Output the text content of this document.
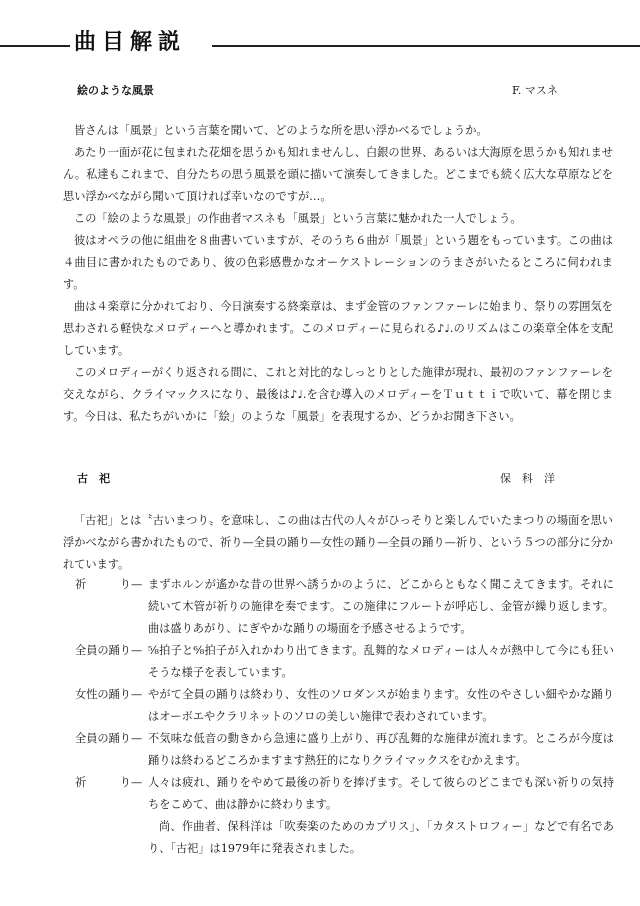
曲目解説
絵のような風景	F. マスネ

皆さんは「風景」という言葉を聞いて、どのような所を思い浮かべるでしょうか。

あたり一面が花に包まれた花畑を思うかも知れませんし、白銀の世界、あるいは大海原を思うかも知れません。私達もこれまで、自分たちの思う風景を頭に描いて演奏してきました。どこまでも続く広大な草原などを思い浮かべながら聞いて頂ければ幸いなのですが…。

この「絵のような風景」の作曲者マスネも「風景」という言葉に魅かれた一人でしょう。

彼はオペラの他に組曲を８曲書いていますが、そのうち６曲が「風景」という題をもっています。この曲は４曲目に書かれたものであり、彼の色彩感豊かなオーケストレーションのうまさがいたるところに伺われます。

曲は４楽章に分かれており、今日演奏する終楽章は、まず金管のファンファーレに始まり、祭りの雰囲気を思わされる軽快なメロディーへと導かれます。このメロディーに見られる♪♩.のリズムはこの楽章全体を支配しています。

このメロディーがくり返される間に、これと対比的なしっとりとした施律が現れ、最初のファンファーレを交えながら、クライマックスになり、最後は♪♩.を含む導入のメロディーをＴｕｔｔｉで吹いて、幕を閉じます。今日は、私たちがいかに「絵」のような「風景」を表現するか、どうかお聞き下さい。

古　祀	保　科　洋

「古祀」とは〝古いまつり〟を意味し、この曲は古代の人々がひっそりと楽しんでいたまつりの場面を思い浮かべながら書かれたもので、祈り—全員の踊り—女性の踊り—全員の踊り—祈り、という５つの部分に分かれています。

祈　　　り— まずホルンが遙かな昔の世界へ誘うかのように、どこからともなく聞こえてきます。それに続いて木管が祈りの施律を奏でます。この施律にフルートが呼応し、金管が繰り返します。曲は盛りあがり、にぎやかな踊りの場面を予感させるようです。

全員の踊り— ⁵⁄₈拍子と⁶⁄₈拍子が入れかわり出てきます。乱舞的なメロディーは人々が熱中して今にも狂いそうな様子を表しています。

女性の踊り— やがて全員の踊りは終わり、女性のソロダンスが始まります。女性のやさしい細やかな踊りはオーボエやクラリネットのソロの美しい施律で表わされています。

全員の踊り— 不気味な低音の動きから急速に盛り上がり、再び乱舞的な施律が流れます。ところが今度は踊りは終わるどころかますます熱狂的になりクライマックスをむかえます。

祈　　　り— 人々は疲れ、踊りをやめて最後の祈りを捧げます。そして彼らのどこまでも深い祈りの気持ちをこめて、曲は静かに終わります。

尚、作曲者、保科洋は「吹奏楽のためのカプリス」、「カタストロフィー」などで有名であり、「古祀」は1979年に発表されました。
